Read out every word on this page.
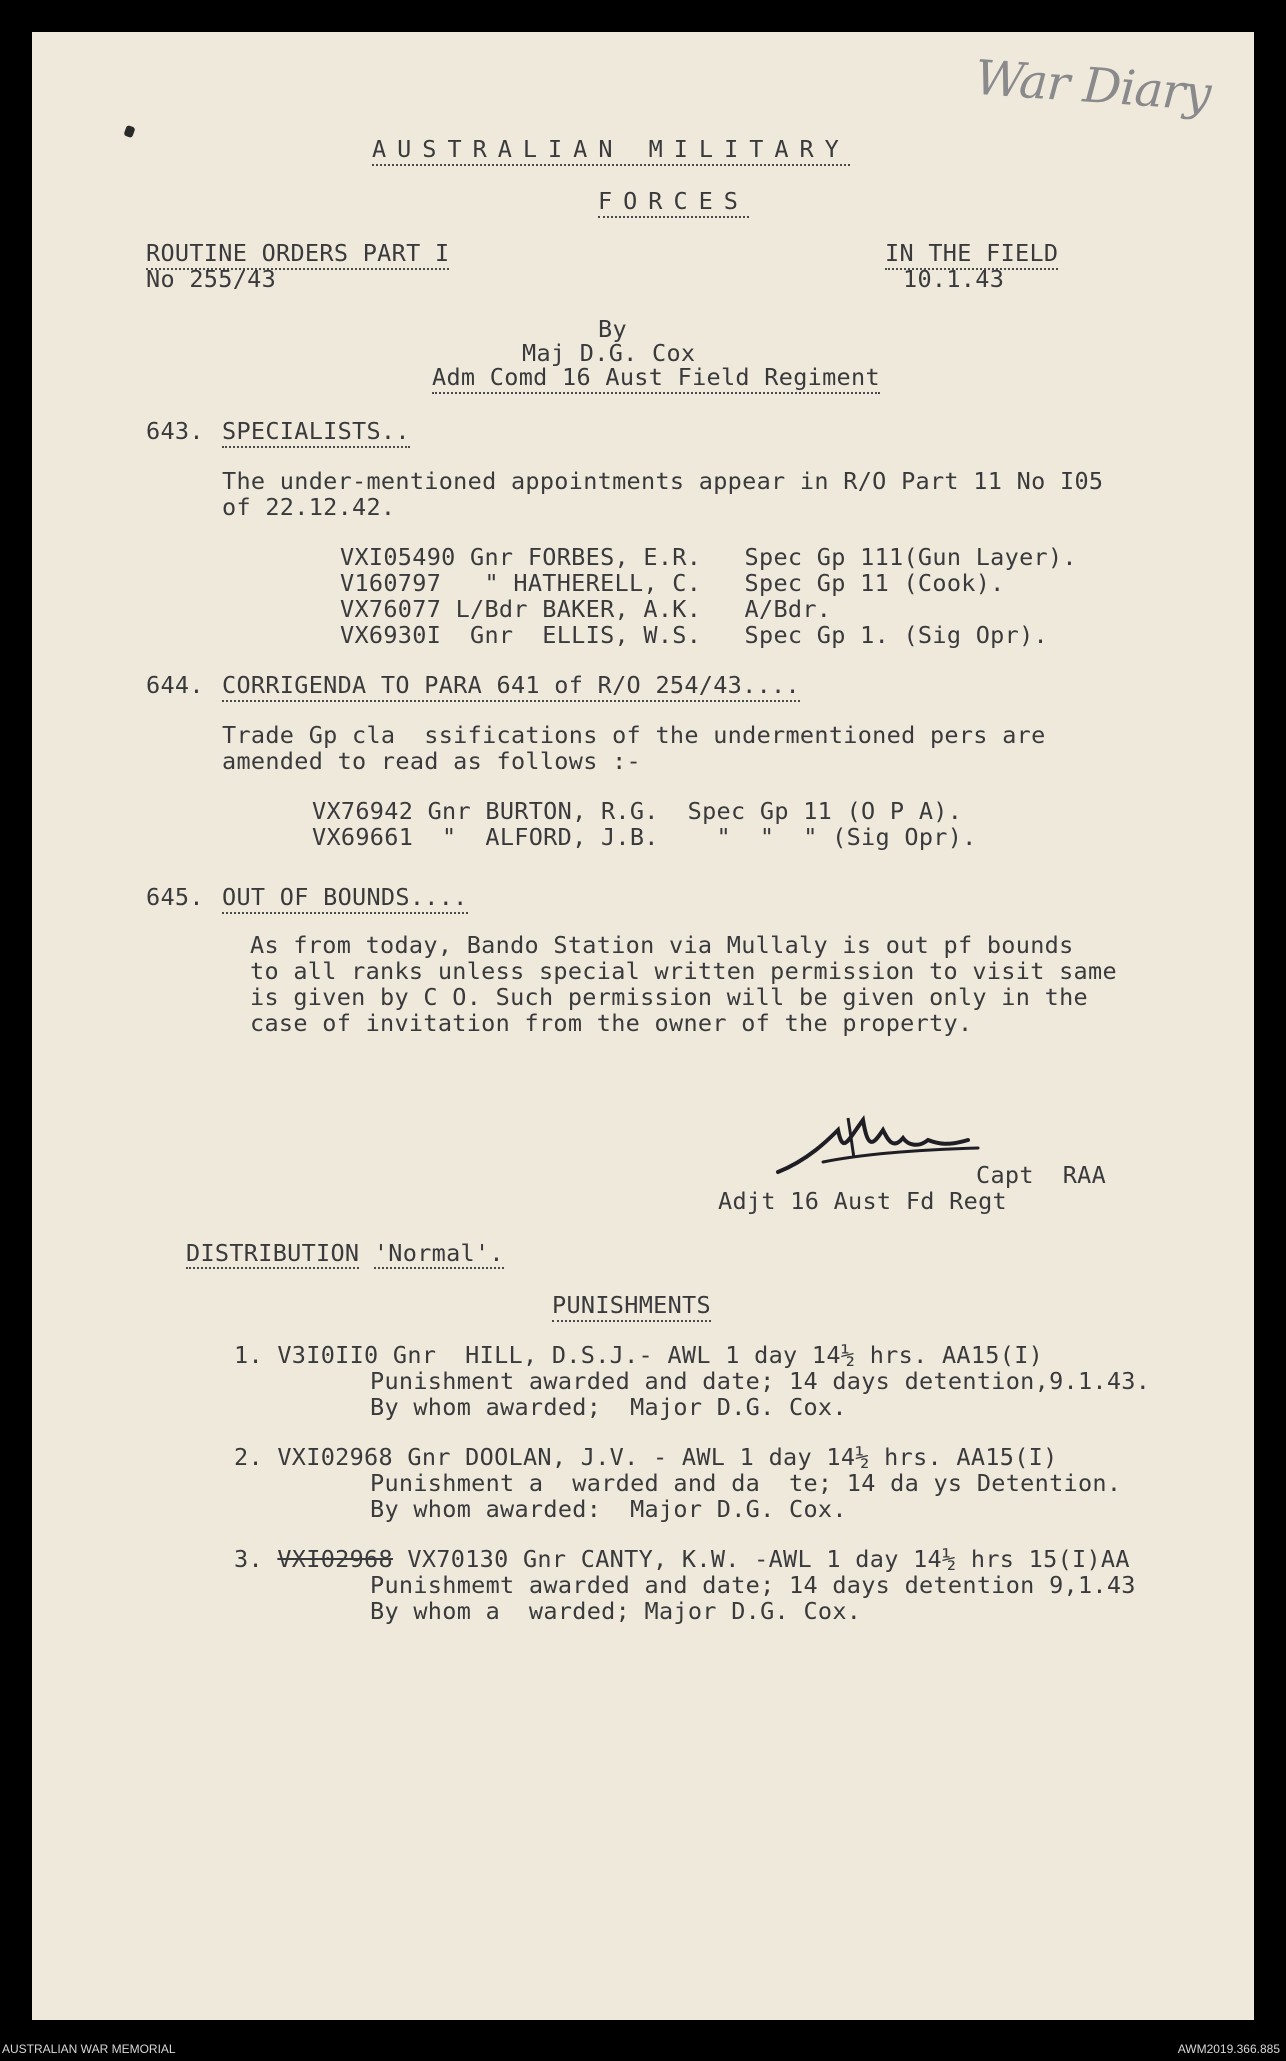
War Diary
AUSTRALIAN MILITARY
FORCES
ROUTINE ORDERS PART I
No 255/43
IN THE FIELD
10.1.43
By
Maj D.G. Cox
Adm Comd 16 Aust Field Regiment
643. SPECIALISTS..
The under-mentioned appointments appear in R/O Part 11 No I05
of 22.12.42.
VXI05490 Gnr FORBES, E.R.   Spec Gp 111(Gun Layer).
V160797   " HATHERELL, C.   Spec Gp 11 (Cook).
VX76077 L/Bdr BAKER, A.K.   A/Bdr.
VX6930I  Gnr  ELLIS, W.S.   Spec Gp 1. (Sig Opr).
644. CORRIGENDA TO PARA 641 of R/O 254/43....
Trade Gp cla  ssifications of the undermentioned pers are
amended to read as follows :-
VX76942 Gnr BURTON, R.G.  Spec Gp 11 (O P A).
VX69661  "  ALFORD, J.B.    "  "  " (Sig Opr).
645. OUT OF BOUNDS....
As from today, Bando Station via Mullaly is out pf bounds
to all ranks unless special written permission to visit same
is given by C O. Such permission will be given only in the
case of invitation from the owner of the property.
Capt  RAA
Adjt 16 Aust Fd Regt
DISTRIBUTION 'Normal'.
PUNISHMENTS
1. V3I0II0 Gnr  HILL, D.S.J.- AWL 1 day 14½ hrs. AA15(I)
Punishment awarded and date; 14 days detention,9.1.43.
By whom awarded;  Major D.G. Cox.
2. VXI02968 Gnr DOOLAN, J.V. - AWL 1 day 14½ hrs. AA15(I)
Punishment a  warded and da  te; 14 da ys Detention.
By whom awarded:  Major D.G. Cox.
3. VXI02968 VX70130 Gnr CANTY, K.W. -AWL 1 day 14½ hrs 15(I)AA
Punishmemt awarded and date; 14 days detention 9,1.43
By whom a  warded; Major D.G. Cox.
AUSTRALIAN WAR MEMORIAL	AWM2019.366.885
